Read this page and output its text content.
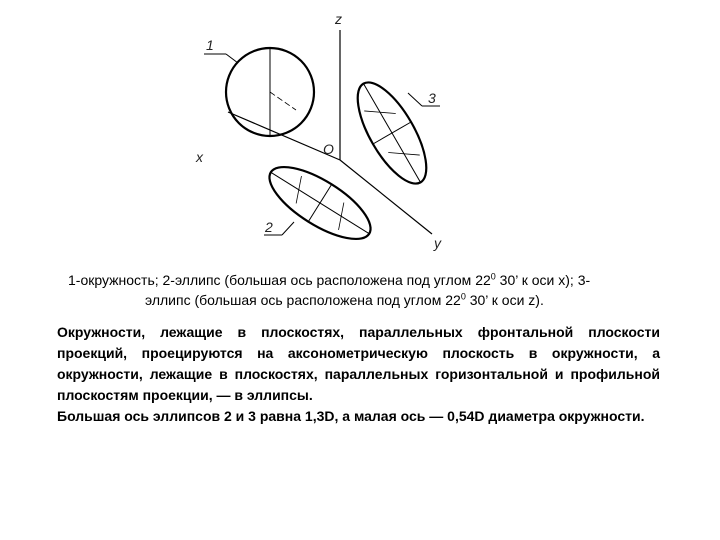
z
x	O
y
1
3
2
1-окружность; 2-эллипс (большая ось расположена под углом $22^0$ 30’ к оси x); 3-
эллипс (большая ось расположена под углом $22^0$ 30’ к оси z).

Окружности, лежащие в плоскостях, параллельных фронтальной плоскости проекций, проецируются на аксонометрическую плоскость в окружности, а окружности, лежащие в плоскостях, параллельных горизонтальной и профильной плоскостям проекции, — в эллипсы.

Большая ось эллипсов 2 и 3 равна 1,3D, а малая ось — 0,54D диаметра окружности.
